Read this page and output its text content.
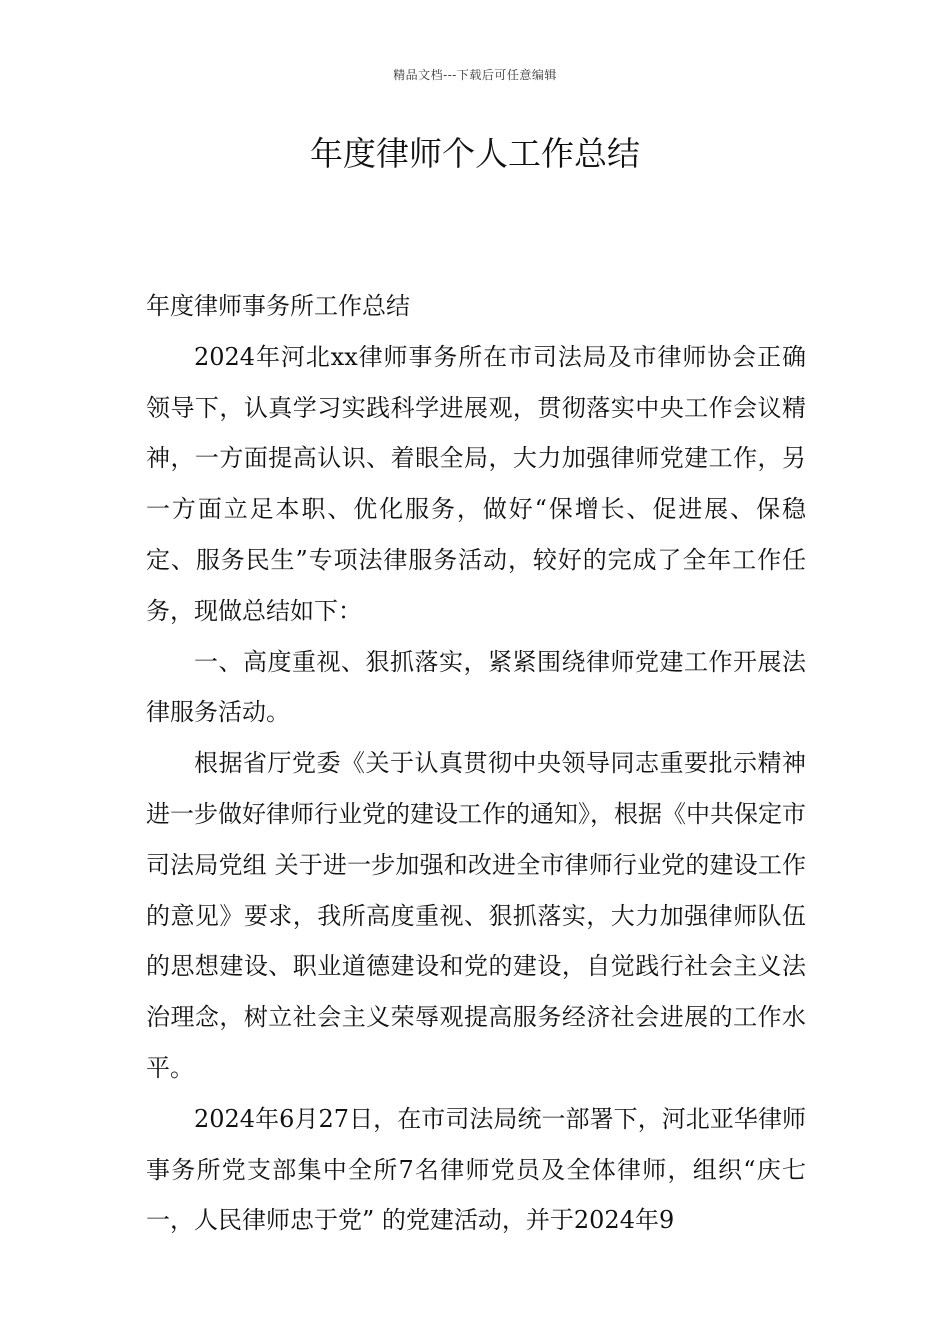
精品文档---下载后可任意编辑
年度律师个人工作总结

年度律师事务所工作总结

2024年河北xx律师事务所在市司法局及市律师协会正确领导下，认真学习实践科学进展观，贯彻落实中央工作会议精神，一方面提高认识、着眼全局，大力加强律师党建工作，另一方面立足本职、优化服务，做好“保增长、促进展、保稳定、服务民生”专项法律服务活动，较好的完成了全年工作任务，现做总结如下：

一、高度重视、狠抓落实，紧紧围绕律师党建工作开展法律服务活动。

根据省厅党委《关于认真贯彻中央领导同志重要批示精神 进一步做好律师行业党的建设工作的通知》，根据《中共保定市司法局党组 关于进一步加强和改进全市律师行业党的建设工作的意见》要求，我所高度重视、狠抓落实，大力加强律师队伍的思想建设、职业道德建设和党的建设，自觉践行社会主义法治理念，树立社会主义荣辱观提高服务经济社会进展的工作水平。

2024年6月27日，在市司法局统一部署下，河北亚华律师事务所党支部集中全所7名律师党员及全体律师，组织“庆七一，人民律师忠于党” 的党建活动，并于2024年9
